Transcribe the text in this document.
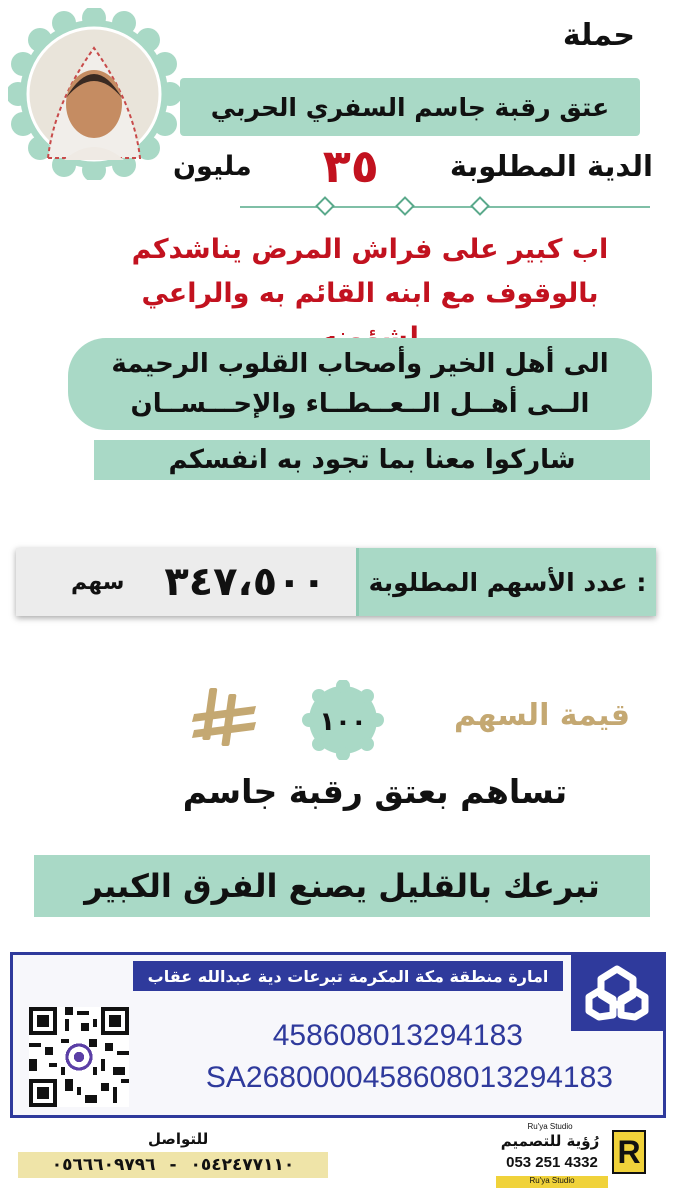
حملة
عتق رقبة جاسم السفري الحربي
الدية المطلوبة
٣٥
مليون
اب كبير على فراش المرض يناشدكم
بالوقوف مع ابنه القائم به والراعي
الى أهل الخير وأصحاب القلوب الرحيمة
الــى أهــل الــعــطــاء والإحـــســان
شاركوا معنا بما تجود به انفسكم
سهم ٣٤٧،٥٠٠	عدد الأسهم المطلوبة :
قيمة السهم
١٠٠
تساهم بعتق رقبة جاسم
تبرعك بالقليل يصنع الفرق الكبير
امارة منطقة مكة المكرمة تبرعات دية عبدالله عقاب
458608013294183
SA2680000458608013294183
للتواصل
٠٥٦٦٦٠٩٧٩٦ - ٠٥٤٢٤٧٧١١٠
Ru'ya Studio
رُؤية للتصميم
053 251 4332
Ru'ya Studio
R
